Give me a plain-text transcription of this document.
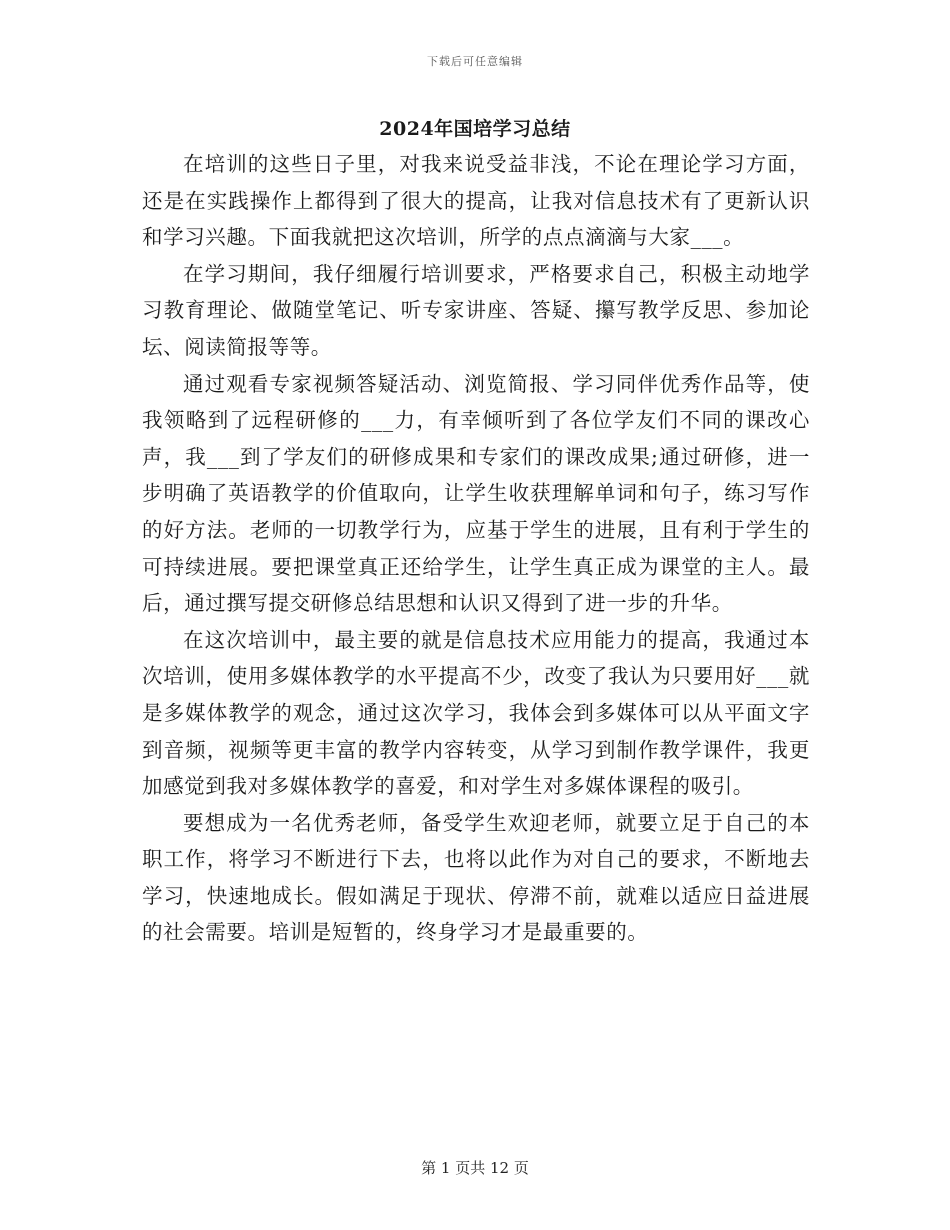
下载后可任意编辑
2024年国培学习总结

在培训的这些日子里，对我来说受益非浅，不论在理论学习方面，还是在实践操作上都得到了很大的提高，让我对信息技术有了更新认识和学习兴趣。下面我就把这次培训，所学的点点滴滴与大家___。

在学习期间，我仔细履行培训要求，严格要求自己，积极主动地学习教育理论、做随堂笔记、听专家讲座、答疑、攥写教学反思、参加论坛、阅读简报等等。

通过观看专家视频答疑活动、浏览简报、学习同伴优秀作品等，使我领略到了远程研修的___力，有幸倾听到了各位学友们不同的课改心声，我___到了学友们的研修成果和专家们的课改成果;通过研修，进一步明确了英语教学的价值取向，让学生收获理解单词和句子，练习写作的好方法。老师的一切教学行为，应基于学生的进展，且有利于学生的可持续进展。要把课堂真正还给学生，让学生真正成为课堂的主人。最后，通过撰写提交研修总结思想和认识又得到了进一步的升华。

在这次培训中，最主要的就是信息技术应用能力的提高，我通过本次培训，使用多媒体教学的水平提高不少，改变了我认为只要用好___就是多媒体教学的观念，通过这次学习，我体会到多媒体可以从平面文字到音频，视频等更丰富的教学内容转变，从学习到制作教学课件，我更加感觉到我对多媒体教学的喜爱，和对学生对多媒体课程的吸引。

要想成为一名优秀老师，备受学生欢迎老师，就要立足于自己的本职工作，将学习不断进行下去，也将以此作为对自己的要求，不断地去学习，快速地成长。假如满足于现状、停滞不前，就难以适应日益进展的社会需要。培训是短暂的，终身学习才是最重要的。

第 1 页共 12 页
